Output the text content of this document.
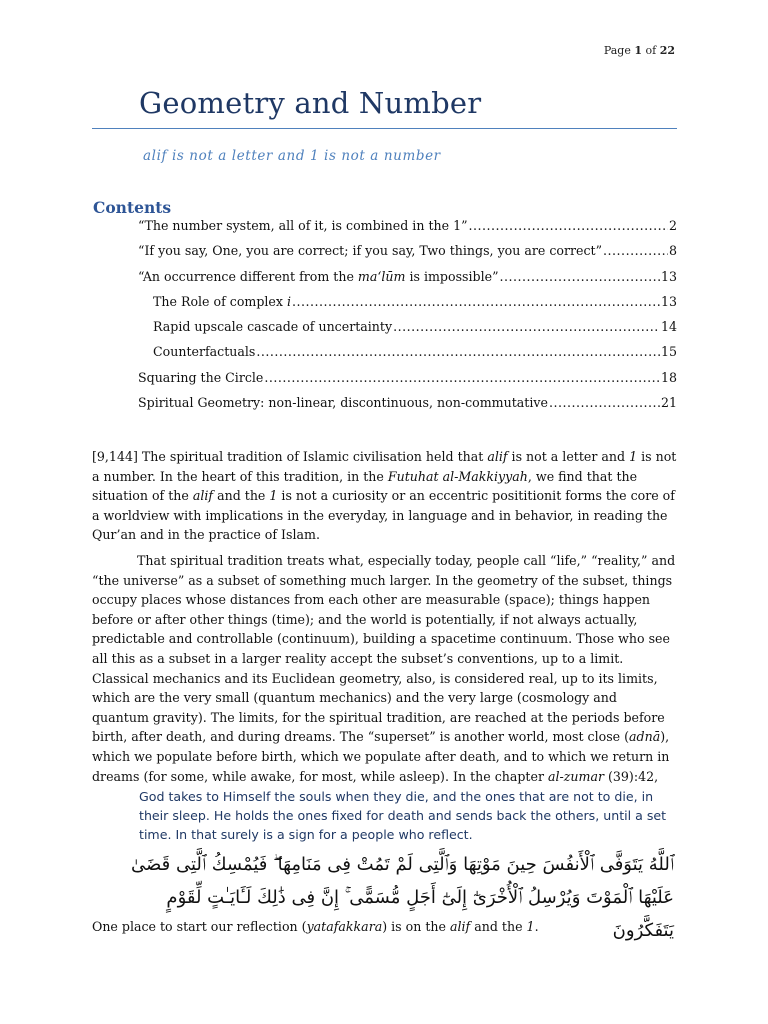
Page 1 of 22
Geometry and Number
alif is not a letter and 1 is not a number
Contents
“The number system, all of it, is combined in the 1” .....	2
“If you say, One, you are correct; if you say, Two things, you are correct” .....	8
“An occurrence different from the ma‘lūm is impossible” .....	13
The Role of complex i .....	13
Rapid upscale cascade of uncertainty .....	14
Counterfactuals .....	15
Squaring the Circle .....	18
Spiritual Geometry: non-linear, discontinuous, non-commutative .....	21

[9,144] The spiritual tradition of Islamic civilisation held that alif is not a letter and 1 is not a number. In the heart of this tradition, in the Futuhat al-Makkiyyah, we find that the situation of the alif and the 1 is not a curiosity or an eccentric posititionit forms the core of a worldview with implications in the everyday, in language and in behavior, in reading the Qur’an and in the practice of Islam.

That spiritual tradition treats what, especially today, people call “life,” “reality,” and “the universe” as a subset of something much larger. In the geometry of the subset, things occupy places whose distances from each other are measurable (space); things happen before or after other things (time); and the world is potentially, if not always actually, predictable and controllable (continuum), building a spacetime continuum. Those who see all this as a subset in a larger reality accept the subset’s conventions, up to a limit. Classical mechanics and its Euclidean geometry, also, is considered real, up to its limits, which are the very small (quantum mechanics) and the very large (cosmology and quantum gravity). The limits, for the spiritual tradition, are reached at the periods before birth, after death, and during dreams. The “superset” is another world, most close (adnā), which we populate before birth, which we populate after death, and to which we return in dreams (for some, while awake, for most, while asleep). In the chapter al-zumar (39):42,

God takes to Himself the souls when they die, and the ones that are not to die, in their sleep. He holds the ones fixed for death and sends back the others, until a set time. In that surely is a sign for a people who reflect.
ٱللَّهُ يَتَوَفَّى ٱلْأَنفُسَ حِينَ مَوْتِهَا وَٱلَّتِى لَمْ تَمُتْ فِى مَنَامِهَا ۖ فَيُمْسِكُ ٱلَّتِى قَضَىٰ عَلَيْهَا ٱلْمَوْتَ وَيُرْسِلُ ٱلْأُخْرَىٰٓ إِلَىٰٓ أَجَلٍ مُّسَمًّى ۚ إِنَّ فِى ذَٰلِكَ لَـَٔايَـٰتٍ لِّقَوْمٍ يَتَفَكَّرُونَ

One place to start our reflection (yatafakkara) is on the alif and the 1.
